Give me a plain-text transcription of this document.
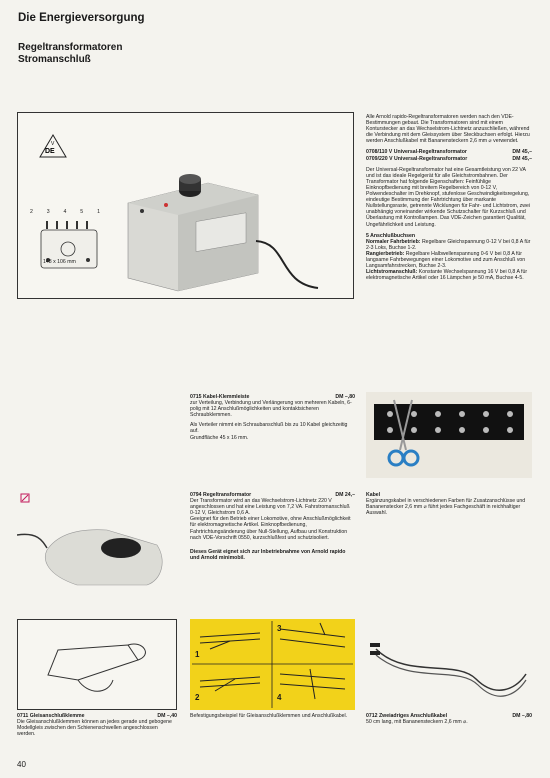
Die Energieversorgung
Regeltransformatoren
Stromanschluß
DE
V
2	3	4	5	1
148 x 106 mm

Alle Arnold rapido-Regeltransformatoren werden nach den VDE-Bestimmungen gebaut. Die Transformatoren sind mit einem Konturstecker an das Wechselstrom-Lichtnetz anzuschließen, während die Verbindung mit dem Gleissystem über Steckbuchsen erfolgt. Hierzu werden Anschlußkabel mit Bananensteckern 2,6 mm ⌀ verwendet.

0708/110 V Universal-Regeltransformator	DM 45,–
0709/220 V Universal-Regeltransformator	DM 45,–

Der Universal-Regeltransformator hat eine Gesamtleistung von 22 VA und ist das ideale Regelgerät für alle Gleichstrombahnen. Der Transformator hat folgende Eigenschaften: Feinfühlige Einknopfbedienung mit breitem Regelbereich von 0-12 V, Polwendeschalter im Drehknopf, stufenlose Geschwindigkeitsregelung, eindeutige Bestimmung der Fahrtrichtung über markante Nullstellungsraste, getrennte Wicklungen für Fahr- und Lichtstrom, zwei unabhängig voneinander wirkende Schutzschalter für Kurzschluß und Überlastung mit Kontrollampen. Das VDE-Zeichen garantiert Qualität, Ungefährlichkeit und Leistung.

5 Anschlußbuchsen

Normaler Fahrbetrieb: Regelbare Gleichspannung 0-12 V bei 0,8 A für 2-3 Loks, Buchse 1-2.

Rangierbetrieb: Regelbare Halbwellenspannung 0-6 V bei 0,8 A für langsame Fahrbewegungen einer Lokomotive und zum Anschluß von Langsamfahrstrecken, Buchse 2-3.

Lichtstromanschluß: Konstante Wechselspannung 16 V bei 0,8 A für elektromagnetische Artikel oder 16 Lämpchen je 50 mA, Buchse 4-5.

0715 Kabel-Klemmleiste	DM –,80

zur Verteilung, Verbindung und Verlängerung von mehreren Kabeln, 6-polig mit 12 Anschlußmöglichkeiten und kontaktsicheren Schraubklemmen.

Als Verteiler nimmt ein Schraubanschluß bis zu 10 Kabel gleichzeitig auf.

Grundfläche 45 x 16 mm.

0794 Regeltransformator	DM 24,–

Der Transformator wird an das Wechselstrom-Lichtnetz 220 V angeschlossen und hat eine Leistung von 7,2 VA. Fahrstromanschluß 0-12 V, Gleichstrom 0,6 A.

Geeignet für den Betrieb einer Lokomotive, ohne Anschlußmöglichkeit für elektromagnetische Artikel. Einknopfbedienung, Fahrtrichtungsänderung über Null-Stellung, Aufbau und Konstruktion nach VDE-Vorschrift 0550, kurzschlußfest und schutzisoliert.

Dieses Gerät eignet sich zur Inbetriebnahme von Arnold rapido und Arnold minimobil.

Kabel

Ergänzungskabel in verschiedenen Farben für Zusatzanschlüsse und Bananenstecker 2,6 mm ⌀ führt jedes Fachgeschäft in reichhaltiger Auswahl.

0711 Gleisanschlußklemme	DM –,40

Die Gleisanschlußklemmen können an jedes gerade und gebogene Modellgleis zwischen den Schienenschwellen angeschlossen werden.

1
2
3
4
Befestigungsbeispiel für Gleisanschlußklemmen und Anschlußkabel.	0712 Zweiadriges Anschlußkabel	DM –,80

50 cm lang, mit Bananensteckern 2,6 mm ⌀.

40
